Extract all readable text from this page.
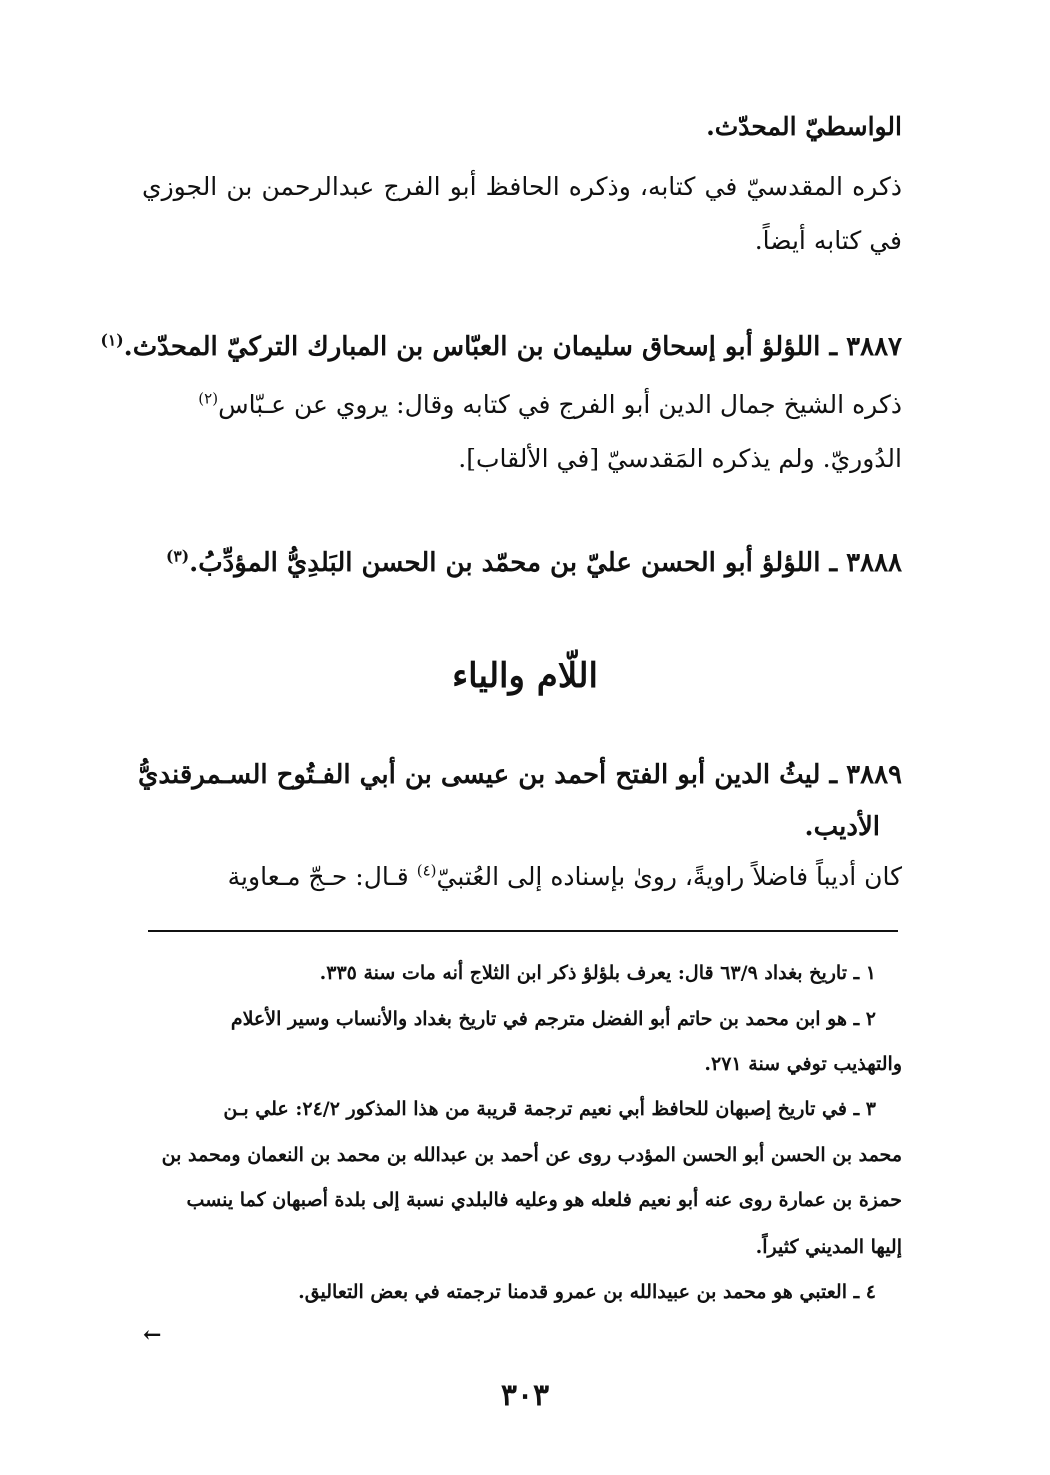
الواسطيّ المحدّث.
ذكره المقدسيّ في كتابه، وذكره الحافظ أبو الفرج عبدالرحمن بن الجوزي
في كتابه أيضاً.
٣٨٨٧ ـ اللؤلؤ أبو إسحاق سليمان بن العبّاس بن المبارك التركيّ المحدّث.$^{(١)}$
ذكره الشيخ جمال الدين أبو الفرج في كتابه وقال: يروي عن عـبّاس$^{(٢)}$
الدُوريّ. ولم يذكره المَقدسيّ [في الألقاب].
٣٨٨٨ ـ اللؤلؤ أبو الحسن عليّ بن محمّد بن الحسن البَلدِيُّ المؤدِّبُ.$^{(٣)}$
اللّام والياء
٣٨٨٩ ـ ليثُ الدين أبو الفتح أحمد بن عيسى بن أبي الفـتُوح السـمرقنديُّ
الأديب.
كان أديباً فاضلاً راويةً، روىٰ بإسناده إلى العُتبيّ$^{(٤)}$ قـال: حـجّ مـعاوية
١ ـ تاريخ بغداد ٦٣/٩ قال: يعرف بلؤلؤ ذكر ابن الثلاج أنه مات سنة ٣٣٥.
٢ ـ هو ابن محمد بن حاتم أبو الفضل مترجم في تاريخ بغداد والأنساب وسير الأعلام
والتهذيب توفي سنة ٢٧١.
٣ ـ في تاريخ إصبهان للحافظ أبي نعيم ترجمة قريبة من هذا المذكور ٢٤/٢: علي بـن
محمد بن الحسن أبو الحسن المؤدب روى عن أحمد بن عبدالله بن محمد بن النعمان ومحمد بن
حمزة بن عمارة روى عنه أبو نعيم فلعله هو وعليه فالبلدي نسبة إلى بلدة أصبهان كما ينسب
إليها المديني كثيراً.
٤ ـ العتبي هو محمد بن عبيدالله بن عمرو قدمنا ترجمته في بعض التعاليق.
←
٣٠٣
